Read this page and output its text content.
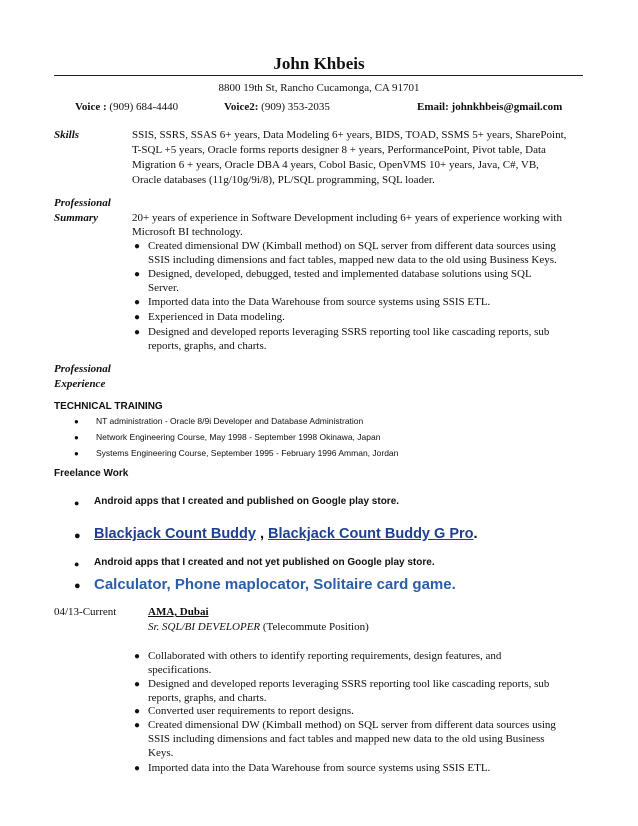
John Khbeis
8800 19th St, Rancho Cucamonga, CA 91701
Voice : (909) 684-4440	Voice2: (909) 353-2035	Email: johnkhbeis@gmail.com
Skills	SSIS, SSRS, SSAS 6+ years, Data Modeling 6+ years, BIDS, TOAD, SSMS 5+ years, SharePoint,
T-SQL +5 years, Oracle forms reports designer 8 + years, PerformancePoint, Pivot table, Data
Migration 6 + years, Oracle DBA 4 years, Cobol Basic, OpenVMS 10+ years, Java, C#, VB,
Oracle databases (11g/10g/9i/8), PL/SQL programming, SQL loader.
Professional
Summary	20+ years of experience in Software Development including 6+ years of experience working with
Microsoft BI technology.
● Created dimensional DW (Kimball method) on SQL server from different data sources using
SSIS including dimensions and fact tables, mapped new data to the old using Business Keys.
● Designed, developed, debugged, tested and implemented database solutions using SQL
Server.
● Imported data into the Data Warehouse from source systems using SSIS ETL.
● Experienced in Data modeling.
● Designed and developed reports leveraging SSRS reporting tool like cascading reports, sub
reports, graphs, and charts.
Professional
Experience
TECHNICAL TRAINING
● NT administration - Oracle 8/9i Developer and Database Administration
● Network Engineering Course, May 1998 - September 1998 Okinawa, Japan
● Systems Engineering Course, September 1995 - February 1996 Amman, Jordan
Freelance Work
● Android apps that I created and published on Google play store.
● Blackjack Count Buddy , Blackjack Count Buddy G Pro.
● Android apps that I created and not yet published on Google play store.
● Calculator, Phone maplocator, Solitaire card game.
04/13-Current	AMA, Dubai
Sr. SQL/BI DEVELOPER (Telecommute Position)
● Collaborated with others to identify reporting requirements, design features, and
specifications.
● Designed and developed reports leveraging SSRS reporting tool like cascading reports, sub
reports, graphs, and charts.
● Converted user requirements to report designs.
● Created dimensional DW (Kimball method) on SQL server from different data sources using
SSIS including dimensions and fact tables and mapped new data to the old using Business
Keys.
● Imported data into the Data Warehouse from source systems using SSIS ETL.
